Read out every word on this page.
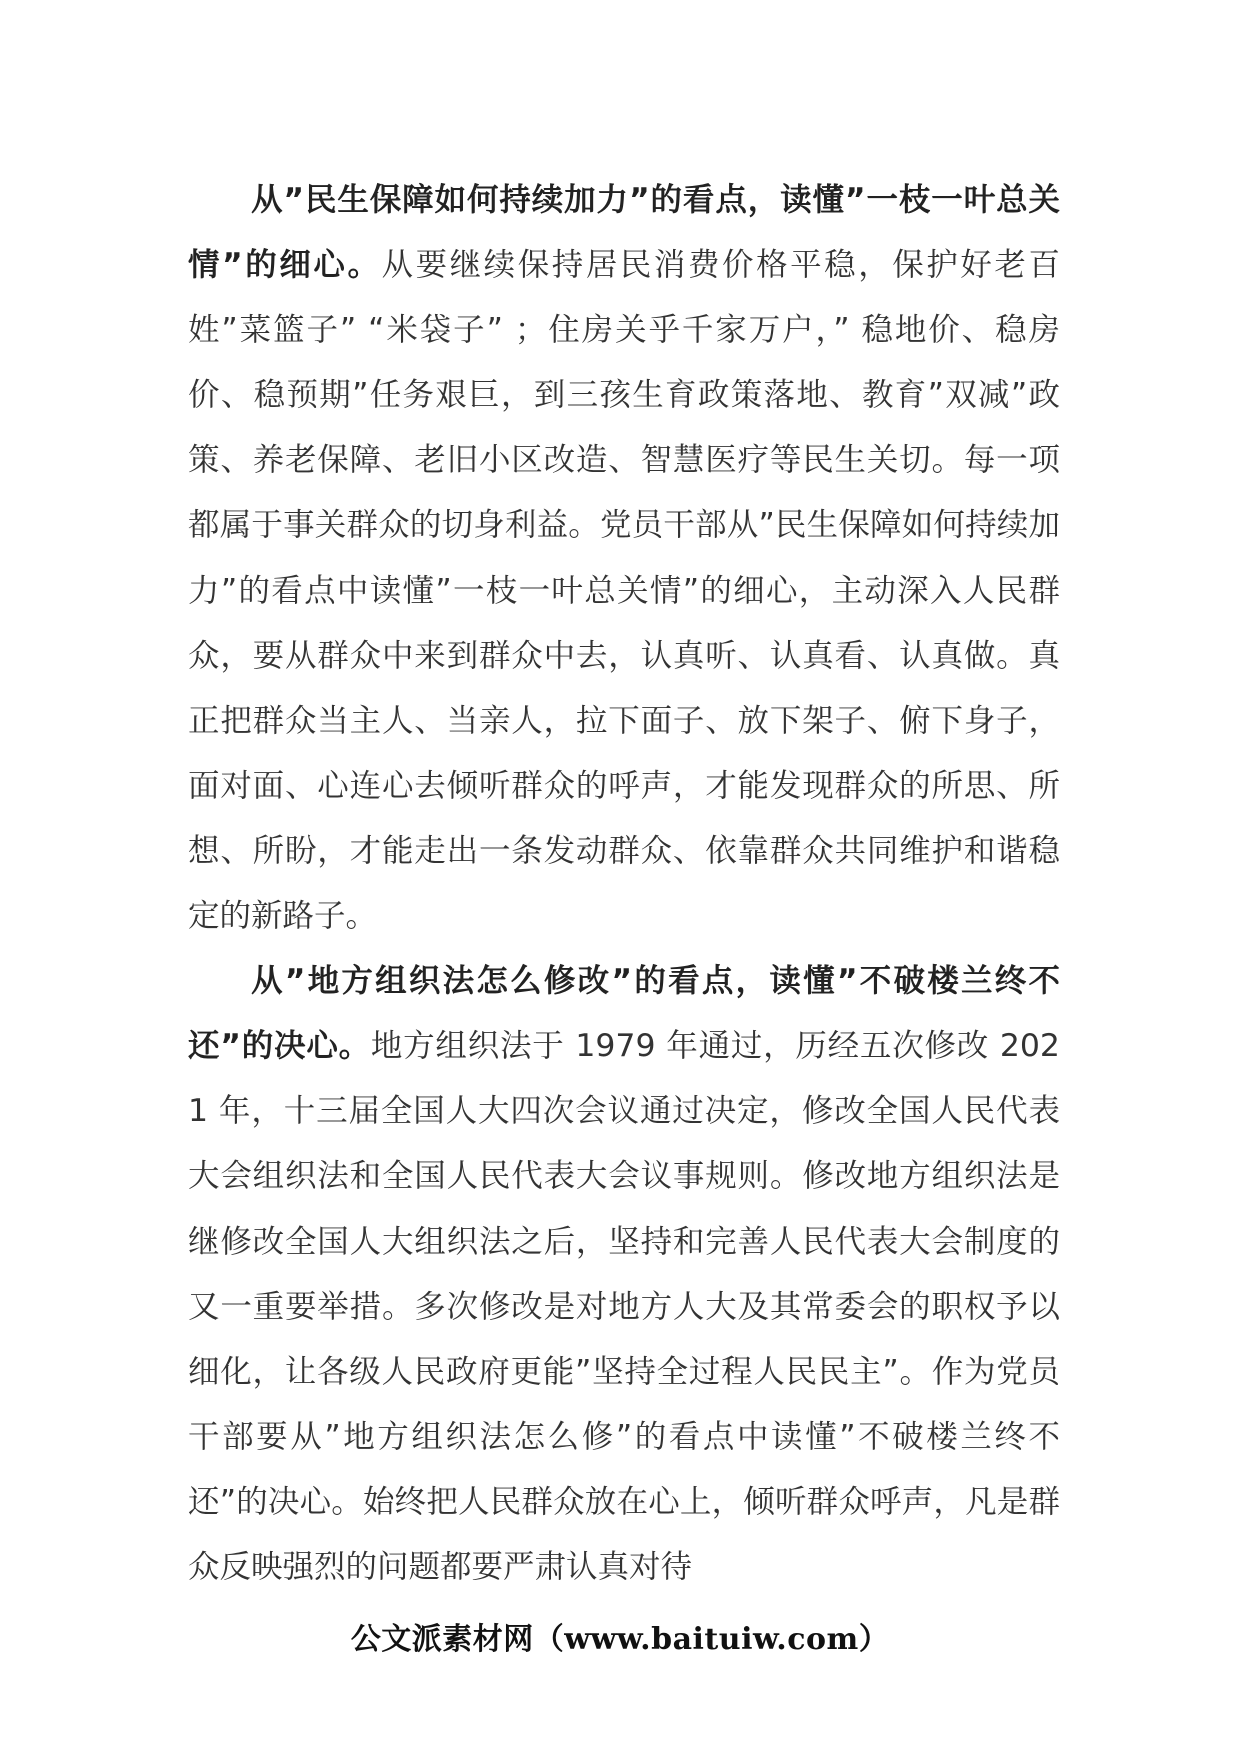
从”民生保障如何持续加力”的看点，读懂”一枝一叶总关情”的细心。从要继续保持居民消费价格平稳，保护好老百姓”菜篮子” “米袋子” ；住房关乎千家万户，” 稳地价、稳房价、稳预期”任务艰巨，到三孩生育政策落地、教育”双减”政策、养老保障、老旧小区改造、智慧医疗等民生关切。每一项都属于事关群众的切身利益。党员干部从”民生保障如何持续加力”的看点中读懂”一枝一叶总关情”的细心，主动深入人民群众，要从群众中来到群众中去，认真听、认真看、认真做。真正把群众当主人、当亲人，拉下面子、放下架子、俯下身子，面对面、心连心去倾听群众的呼声，才能发现群众的所思、所想、所盼，才能走出一条发动群众、依靠群众共同维护和谐稳定的新路子。

从”地方组织法怎么修改”的看点，读懂”不破楼兰终不还”的决心。地方组织法于 1979 年通过，历经五次修改 2021 年，十三届全国人大四次会议通过决定，修改全国人民代表大会组织法和全国人民代表大会议事规则。修改地方组织法是继修改全国人大组织法之后，坚持和完善人民代表大会制度的又一重要举措。多次修改是对地方人大及其常委会的职权予以细化，让各级人民政府更能”坚持全过程人民民主”。作为党员干部要从”地方组织法怎么修”的看点中读懂”不破楼兰终不还”的决心。始终把人民群众放在心上，倾听群众呼声，凡是群众反映强烈的问题都要严肃认真对待

公文派素材网（www.baituiw.com）
